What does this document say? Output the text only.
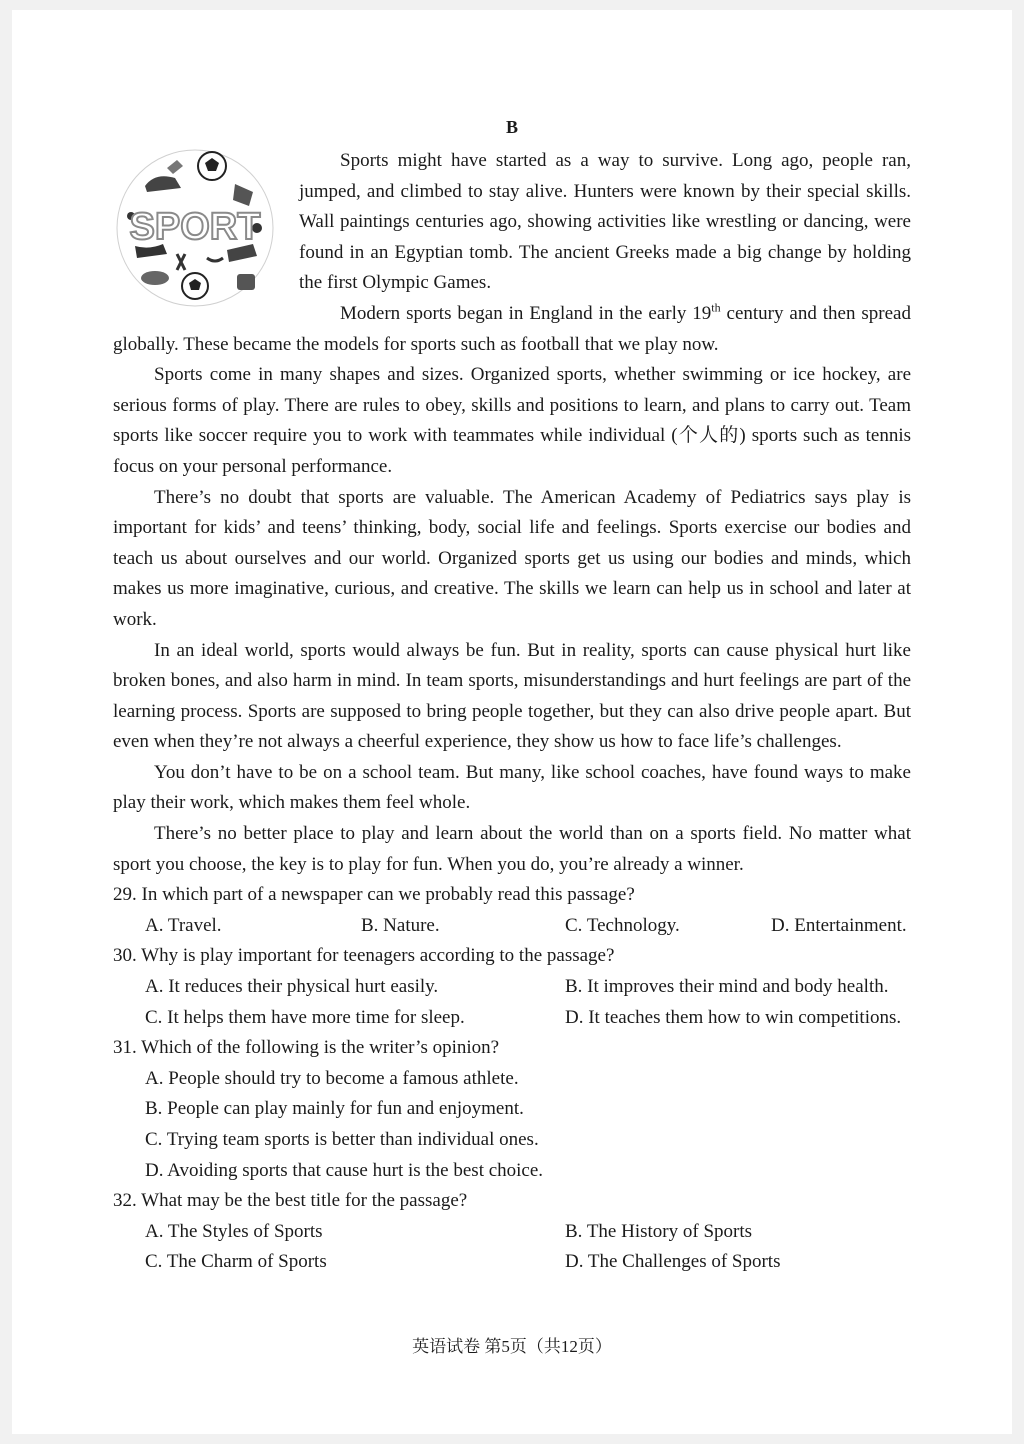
B
SPORT

Sports might have started as a way to survive. Long ago, people ran, jumped, and climbed to stay alive. Hunters were known by their special skills. Wall paintings centuries ago, showing activities like wrestling or dancing, were found in an Egyptian tomb. The ancient Greeks made a big change by holding the first Olympic Games.

Modern sports began in England in the early 19th century and then spread globally. These became the models for sports such as football that we play now.

Sports come in many shapes and sizes. Organized sports, whether swimming or ice hockey, are serious forms of play. There are rules to obey, skills and positions to learn, and plans to carry out. Team sports like soccer require you to work with teammates while individual (个人的) sports such as tennis focus on your personal performance.

There’s no doubt that sports are valuable. The American Academy of Pediatrics says play is important for kids’ and teens’ thinking, body, social life and feelings. Sports exercise our bodies and teach us about ourselves and our world. Organized sports get us using our bodies and minds, which makes us more imaginative, curious, and creative. The skills we learn can help us in school and later at work.

In an ideal world, sports would always be fun. But in reality, sports can cause physical hurt like broken bones, and also harm in mind. In team sports, misunderstandings and hurt feelings are part of the learning process. Sports are supposed to bring people together, but they can also drive people apart. But even when they’re not always a cheerful experience, they show us how to face life’s challenges.

You don’t have to be on a school team. But many, like school coaches, have found ways to make play their work, which makes them feel whole.

There’s no better place to play and learn about the world than on a sports field. No matter what sport you choose, the key is to play for fun. When you do, you’re already a winner.

29. In which part of a newspaper can we probably read this passage?
A. Travel.	B. Nature.	C. Technology.	D. Entertainment.
30. Why is play important for teenagers according to the passage?
A. It reduces their physical hurt easily.	B. It improves their mind and body health.
C. It helps them have more time for sleep.	D. It teaches them how to win competitions.
31. Which of the following is the writer’s opinion?
A. People should try to become a famous athlete.
B. People can play mainly for fun and enjoyment.
C. Trying team sports is better than individual ones.
D. Avoiding sports that cause hurt is the best choice.
32. What may be the best title for the passage?
A. The Styles of Sports	B. The History of Sports
C. The Charm of Sports	D. The Challenges of Sports
英语试卷 第5页（共12页）
